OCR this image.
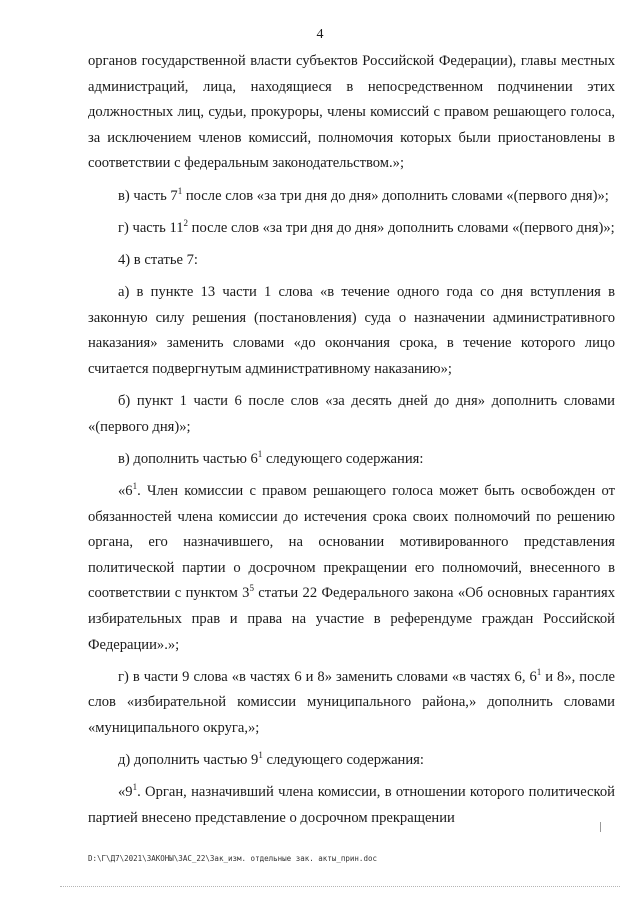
4

органов государственной власти субъектов Российской Федерации), главы местных администраций, лица, находящиеся в непосредственном подчинении этих должностных лиц, судьи, прокуроры, члены комиссий с правом решающего голоса, за исключением членов комиссий, полномочия которых были приостановлены в соответствии с федеральным законодательством.»;

в) часть $7^1$ после слов «за три дня до дня» дополнить словами «(первого дня)»;

г) часть $11^2$ после слов «за три дня до дня» дополнить словами «(первого дня)»;

4) в статье 7:

а) в пункте 13 части 1 слова «в течение одного года со дня вступления в законную силу решения (постановления) суда о назначении административного наказания» заменить словами «до окончания срока, в течение которого лицо считается подвергнутым административному наказанию»;

б) пункт 1 части 6 после слов «за десять дней до дня» дополнить словами «(первого дня)»;

в) дополнить частью $6^1$ следующего содержания:

«$6^1$. Член комиссии с правом решающего голоса может быть освобожден от обязанностей члена комиссии до истечения срока своих полномочий по решению органа, его назначившего, на основании мотивированного представления политической партии о досрочном прекращении его полномочий, внесенного в соответствии с пунктом $3^5$ статьи 22 Федерального закона «Об основных гарантиях избирательных прав и права на участие в референдуме граждан Российской Федерации».»;

г) в части 9 слова «в частях 6 и 8» заменить словами «в частях 6, $6^1$ и 8», после слов «избирательной комиссии муниципального района,» дополнить словами «муниципального округа,»;

д) дополнить частью $9^1$ следующего содержания:

«$9^1$. Орган, назначивший члена комиссии, в отношении которого политической партией внесено представление о досрочном прекращении

D:\Г\Д7\2021\ЗАКОНЫ\ЗАС_22\Зак_изм. отдельные зак. акты_прин.doc
